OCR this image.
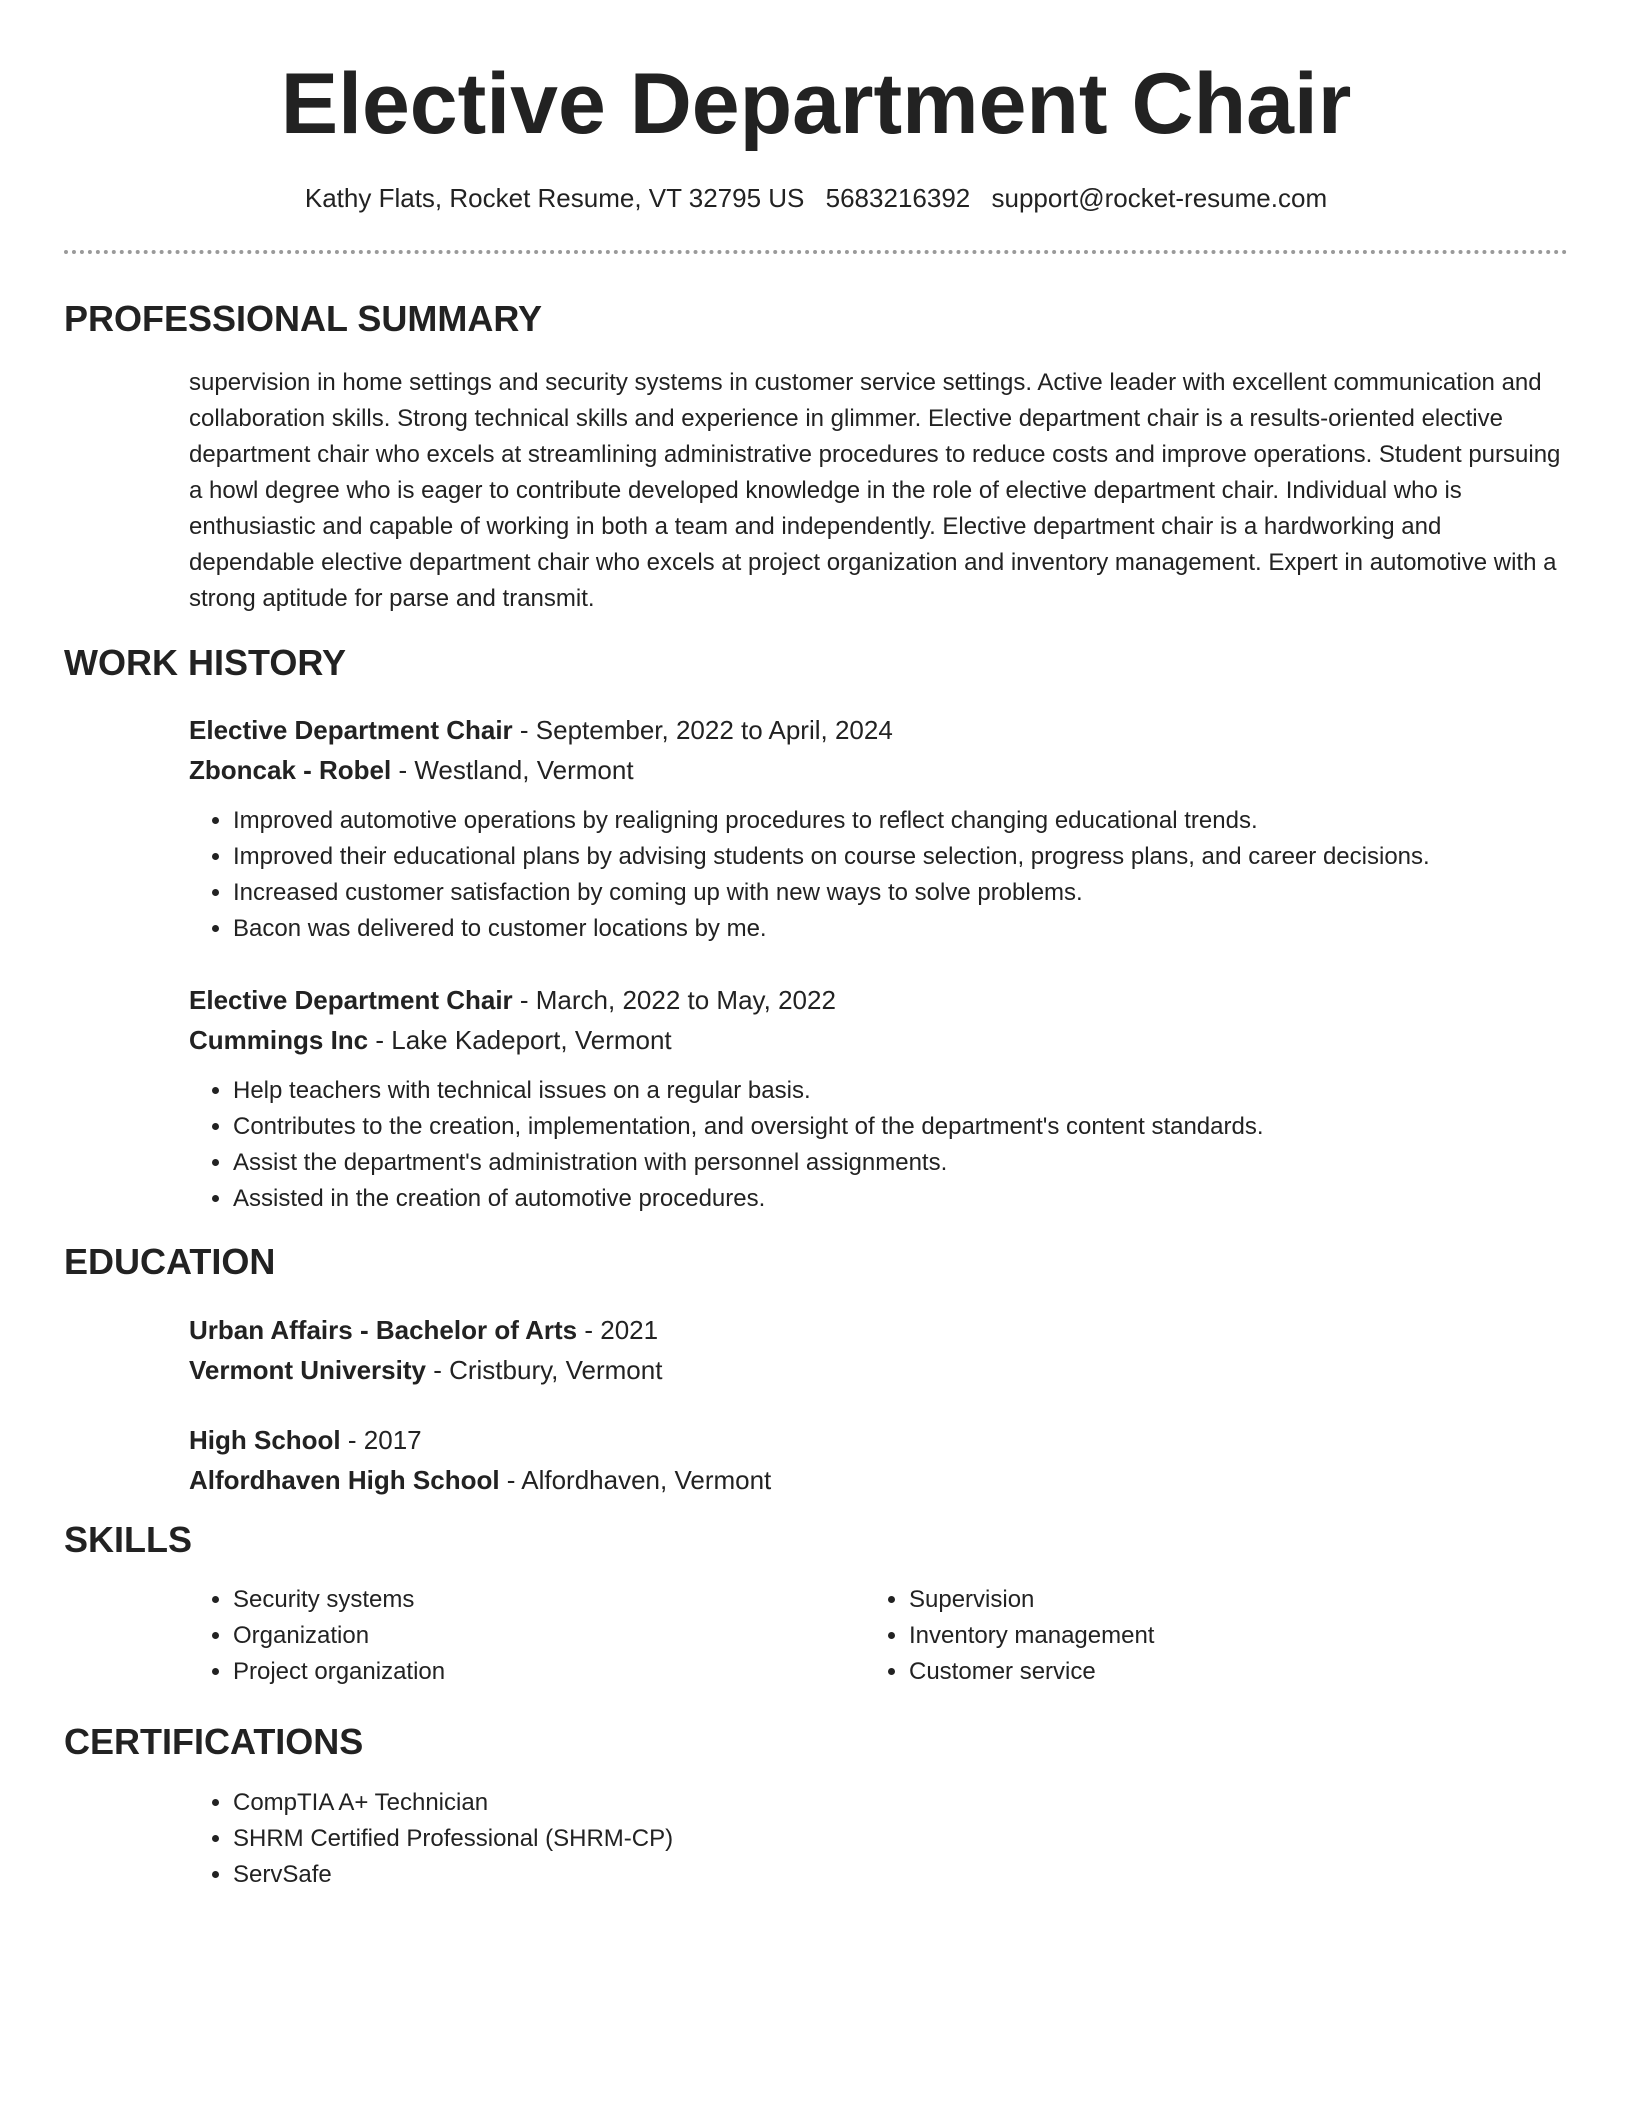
Elective Department Chair
Kathy Flats, Rocket Resume, VT 32795 US 5683216392 support@rocket-resume.com
PROFESSIONAL SUMMARY
supervision in home settings and security systems in customer service settings. Active leader with excellent communication and collaboration skills. Strong technical skills and experience in glimmer. Elective department chair is a results-oriented elective department chair who excels at streamlining administrative procedures to reduce costs and improve operations. Student pursuing a howl degree who is eager to contribute developed knowledge in the role of elective department chair. Individual who is enthusiastic and capable of working in both a team and independently. Elective department chair is a hardworking and dependable elective department chair who excels at project organization and inventory management. Expert in automotive with a strong aptitude for parse and transmit.
WORK HISTORY
Elective Department Chair - September, 2022 to April, 2024
Zboncak - Robel - Westland, Vermont
• Improved automotive operations by realigning procedures to reflect changing educational trends.
• Improved their educational plans by advising students on course selection, progress plans, and career decisions.
• Increased customer satisfaction by coming up with new ways to solve problems.
• Bacon was delivered to customer locations by me.
Elective Department Chair - March, 2022 to May, 2022
Cummings Inc - Lake Kadeport, Vermont
• Help teachers with technical issues on a regular basis.
• Contributes to the creation, implementation, and oversight of the department's content standards.
• Assist the department's administration with personnel assignments.
• Assisted in the creation of automotive procedures.
EDUCATION
Urban Affairs - Bachelor of Arts - 2021
Vermont University - Cristbury, Vermont
High School - 2017
Alfordhaven High School - Alfordhaven, Vermont
SKILLS
• Security systems
• Organization
• Project organization
• Supervision
• Inventory management
• Customer service
CERTIFICATIONS
• CompTIA A+ Technician
• SHRM Certified Professional (SHRM-CP)
• ServSafe
